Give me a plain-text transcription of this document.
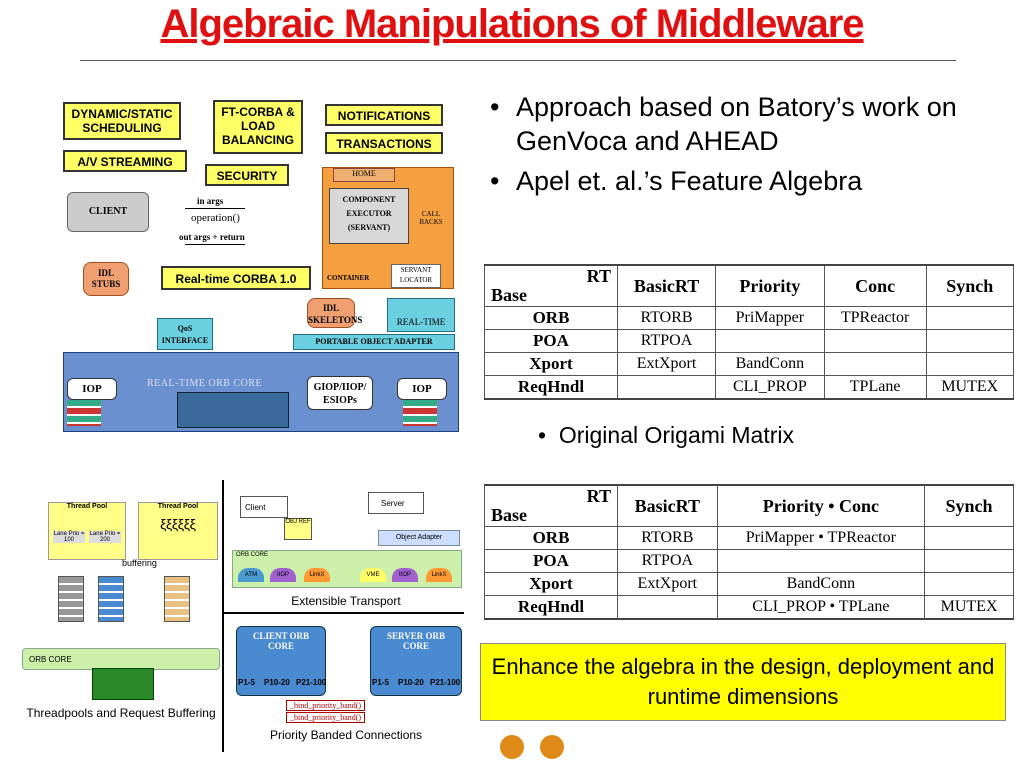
Algebraic Manipulations of Middleware
DYNAMIC/STATIC SCHEDULING
FT-CORBA & LOAD BALANCING
NOTIFICATIONS
TRANSACTIONS
A/V STREAMING
SECURITY
CLIENT
in args
operation()
out args + return
IDL STUBS	Real-time CORBA 1.0
HOME
COMPONENT EXECUTOR (SERVANT)
CALL BACKS
CONTAINER
SERVANT LOCATOR
IDL SKELETONS	REAL-TIME
PORTABLE OBJECT ADAPTER
QoS INTERFACE
REAL-TIME ORB CORE
IOP	IOP
GIOP/IIOP/ ESIOPs
• Approach based on Batory’s work on GenVoca and AHEAD
• Apel et. al.’s Feature Algebra
RT
Base	BasicRT	Priority	Conc	Synch
ORB	RTORB	PriMapper	TPReactor	
POA	RTPOA			
Xport	ExtXport	BandConn		
ReqHndl		CLI_PROP	TPLane	MUTEX
•  Original Origami Matrix
RT
Base	BasicRT	Priority • Conc	Synch
ORB	RTORB	PriMapper • TPReactor	
POA	RTPOA		
Xport	ExtXport	BandConn	
ReqHndl		CLI_PROP • TPLane	MUTEX
Enhance the algebra in the design, deployment and runtime dimensions
Thread Pool
Lane Prio = 100
Lane Prio = 200
Thread Pool
ξξξξξξ
buffering
ORB CORE
Threadpools and Request Buffering
Client
OBJ REF
Server
Object Adapter
ORB CORE
ATM	IIOP	LinkX	VME	IIOP	LinkX
Extensible Transport
CLIENT ORB CORE
SERVER ORB CORE
P1-5 P10-20 P21-100	P1-5 P10-20 P21-100
_bind_priority_band()
_bind_priority_band()
Priority Banded Connections
